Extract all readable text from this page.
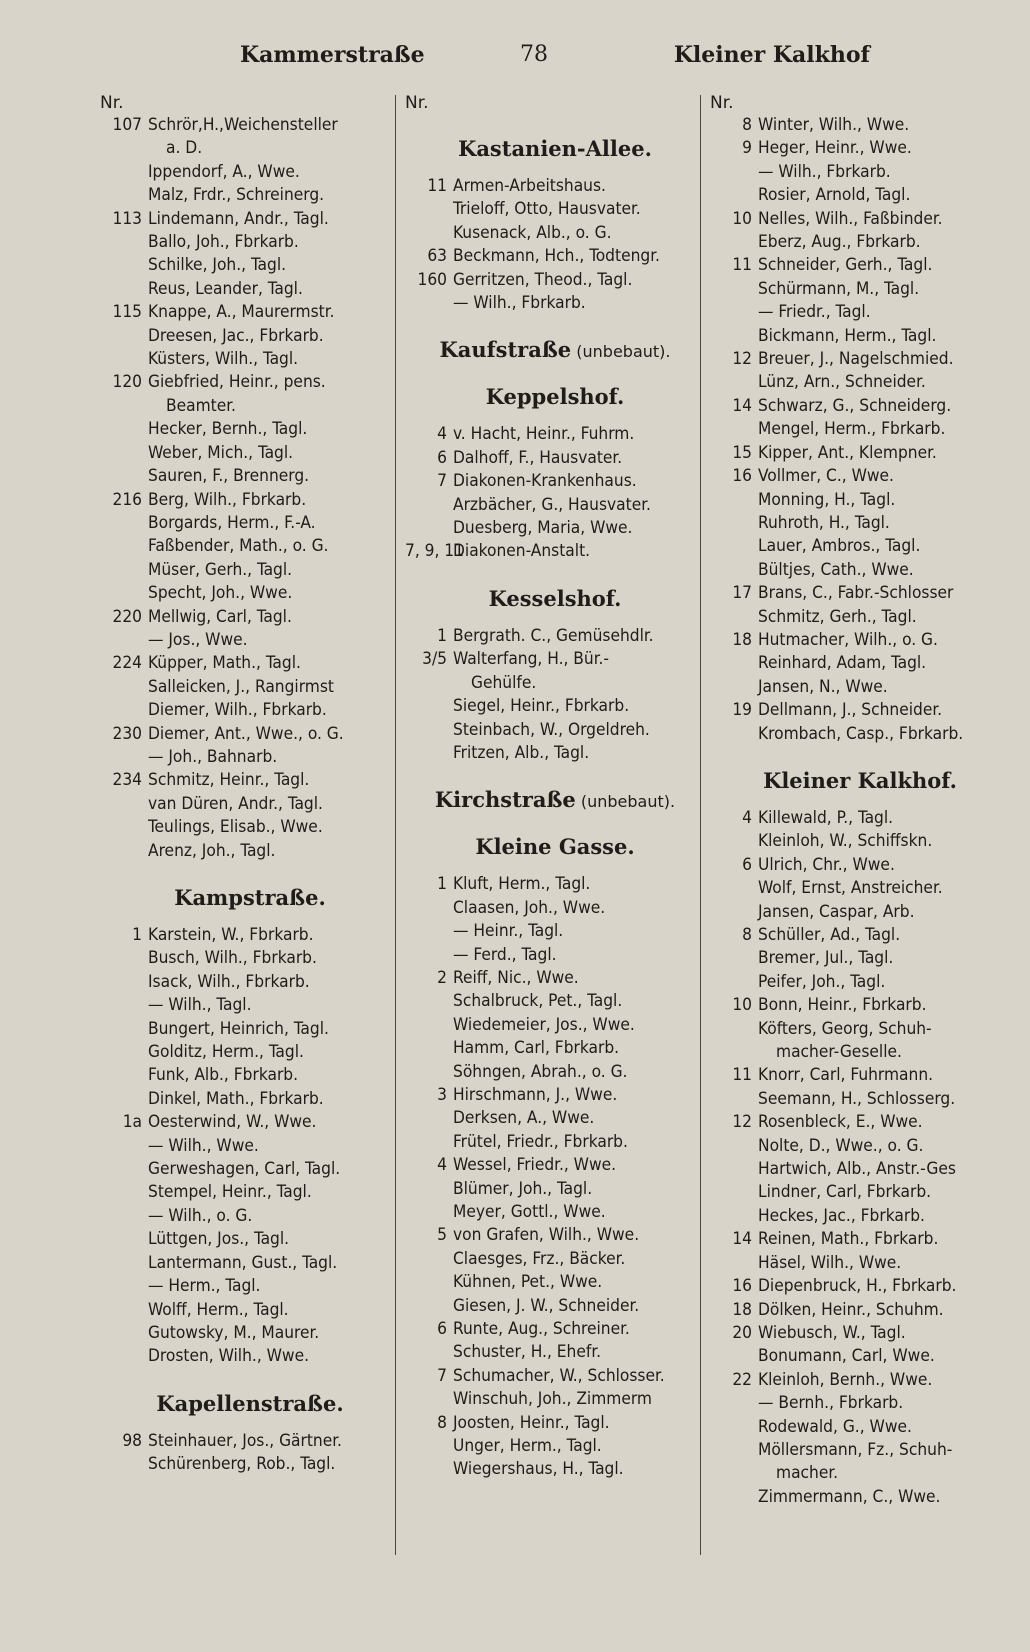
Kammerstraße	78	Kleiner Kalkhof
Nr.
107 Schrör,H.,Weichensteller
a. D.
Ippendorf, A., Wwe.
Malz, Frdr., Schreinerg.
113 Lindemann, Andr., Tagl.
Ballo, Joh., Fbrkarb.
Schilke, Joh., Tagl.
Reus, Leander, Tagl.
115 Knappe, A., Maurermstr.
Dreesen, Jac., Fbrkarb.
Küsters, Wilh., Tagl.
120 Giebfried, Heinr., pens.
Beamter.
Hecker, Bernh., Tagl.
Weber, Mich., Tagl.
Sauren, F., Brennerg.
216 Berg, Wilh., Fbrkarb.
Borgards, Herm., F.-A.
Faßbender, Math., o. G.
Müser, Gerh., Tagl.
Specht, Joh., Wwe.
220 Mellwig, Carl, Tagl.
— Jos., Wwe.
224 Küpper, Math., Tagl.
Salleicken, J., Rangirmst
Diemer, Wilh., Fbrkarb.
230 Diemer, Ant., Wwe., o. G.
— Joh., Bahnarb.
234 Schmitz, Heinr., Tagl.
van Düren, Andr., Tagl.
Teulings, Elisab., Wwe.
Arenz, Joh., Tagl.
Kampstraße.
1 Karstein, W., Fbrkarb.
Busch, Wilh., Fbrkarb.
Isack, Wilh., Fbrkarb.
— Wilh., Tagl.
Bungert, Heinrich, Tagl.
Golditz, Herm., Tagl.
Funk, Alb., Fbrkarb.
Dinkel, Math., Fbrkarb.
1a Oesterwind, W., Wwe.
— Wilh., Wwe.
Gerweshagen, Carl, Tagl.
Stempel, Heinr., Tagl.
— Wilh., o. G.
Lüttgen, Jos., Tagl.
Lantermann, Gust., Tagl.
— Herm., Tagl.
Wolff, Herm., Tagl.
Gutowsky, M., Maurer.
Drosten, Wilh., Wwe.
Kapellenstraße.
98 Steinhauer, Jos., Gärtner.
Schürenberg, Rob., Tagl.
Nr.
Kastanien-Allee.
11 Armen-Arbeitshaus.
Trieloff, Otto, Hausvater.
Kusenack, Alb., o. G.
63 Beckmann, Hch., Todtengr.
160 Gerritzen, Theod., Tagl.
— Wilh., Fbrkarb.
Kaufstraße (unbebaut).
Keppelshof.
4 v. Hacht, Heinr., Fuhrm.
6 Dalhoff, F., Hausvater.
7 Diakonen-Krankenhaus.
Arzbächer, G., Hausvater.
Duesberg, Maria, Wwe.
7, 9, 11Diakonen-Anstalt.
Kesselshof.
1 Bergrath. C., Gemüsehdlr.
3/5 Walterfang, H., Bür.-
Gehülfe.
Siegel, Heinr., Fbrkarb.
Steinbach, W., Orgeldreh.
Fritzen, Alb., Tagl.
Kirchstraße (unbebaut).
Kleine Gasse.
1 Kluft, Herm., Tagl.
Claasen, Joh., Wwe.
— Heinr., Tagl.
— Ferd., Tagl.
2 Reiff, Nic., Wwe.
Schalbruck, Pet., Tagl.
Wiedemeier, Jos., Wwe.
Hamm, Carl, Fbrkarb.
Söhngen, Abrah., o. G.
3 Hirschmann, J., Wwe.
Derksen, A., Wwe.
Frütel, Friedr., Fbrkarb.
4 Wessel, Friedr., Wwe.
Blümer, Joh., Tagl.
Meyer, Gottl., Wwe.
5 von Grafen, Wilh., Wwe.
Claesges, Frz., Bäcker.
Kühnen, Pet., Wwe.
Giesen, J. W., Schneider.
6 Runte, Aug., Schreiner.
Schuster, H., Ehefr.
7 Schumacher, W., Schlosser.
Winschuh, Joh., Zimmerm
8 Joosten, Heinr., Tagl.
Unger, Herm., Tagl.
Wiegershaus, H., Tagl.
Nr.
8 Winter, Wilh., Wwe.
9 Heger, Heinr., Wwe.
— Wilh., Fbrkarb.
Rosier, Arnold, Tagl.
10 Nelles, Wilh., Faßbinder.
Eberz, Aug., Fbrkarb.
11 Schneider, Gerh., Tagl.
Schürmann, M., Tagl.
— Friedr., Tagl.
Bickmann, Herm., Tagl.
12 Breuer, J., Nagelschmied.
Lünz, Arn., Schneider.
14 Schwarz, G., Schneiderg.
Mengel, Herm., Fbrkarb.
15 Kipper, Ant., Klempner.
16 Vollmer, C., Wwe.
Monning, H., Tagl.
Ruhroth, H., Tagl.
Lauer, Ambros., Tagl.
Bültjes, Cath., Wwe.
17 Brans, C., Fabr.-Schlosser
Schmitz, Gerh., Tagl.
18 Hutmacher, Wilh., o. G.
Reinhard, Adam, Tagl.
Jansen, N., Wwe.
19 Dellmann, J., Schneider.
Krombach, Casp., Fbrkarb.
Kleiner Kalkhof.
4 Killewald, P., Tagl.
Kleinloh, W., Schiffskn.
6 Ulrich, Chr., Wwe.
Wolf, Ernst, Anstreicher.
Jansen, Caspar, Arb.
8 Schüller, Ad., Tagl.
Bremer, Jul., Tagl.
Peifer, Joh., Tagl.
10 Bonn, Heinr., Fbrkarb.
Köfters, Georg, Schuh-
macher-Geselle.
11 Knorr, Carl, Fuhrmann.
Seemann, H., Schlosserg.
12 Rosenbleck, E., Wwe.
Nolte, D., Wwe., o. G.
Hartwich, Alb., Anstr.-Ges
Lindner, Carl, Fbrkarb.
Heckes, Jac., Fbrkarb.
14 Reinen, Math., Fbrkarb.
Häsel, Wilh., Wwe.
16 Diepenbruck, H., Fbrkarb.
18 Dölken, Heinr., Schuhm.
20 Wiebusch, W., Tagl.
Bonumann, Carl, Wwe.
22 Kleinloh, Bernh., Wwe.
— Bernh., Fbrkarb.
Rodewald, G., Wwe.
Möllersmann, Fz., Schuh-
macher.
Zimmermann, C., Wwe.
